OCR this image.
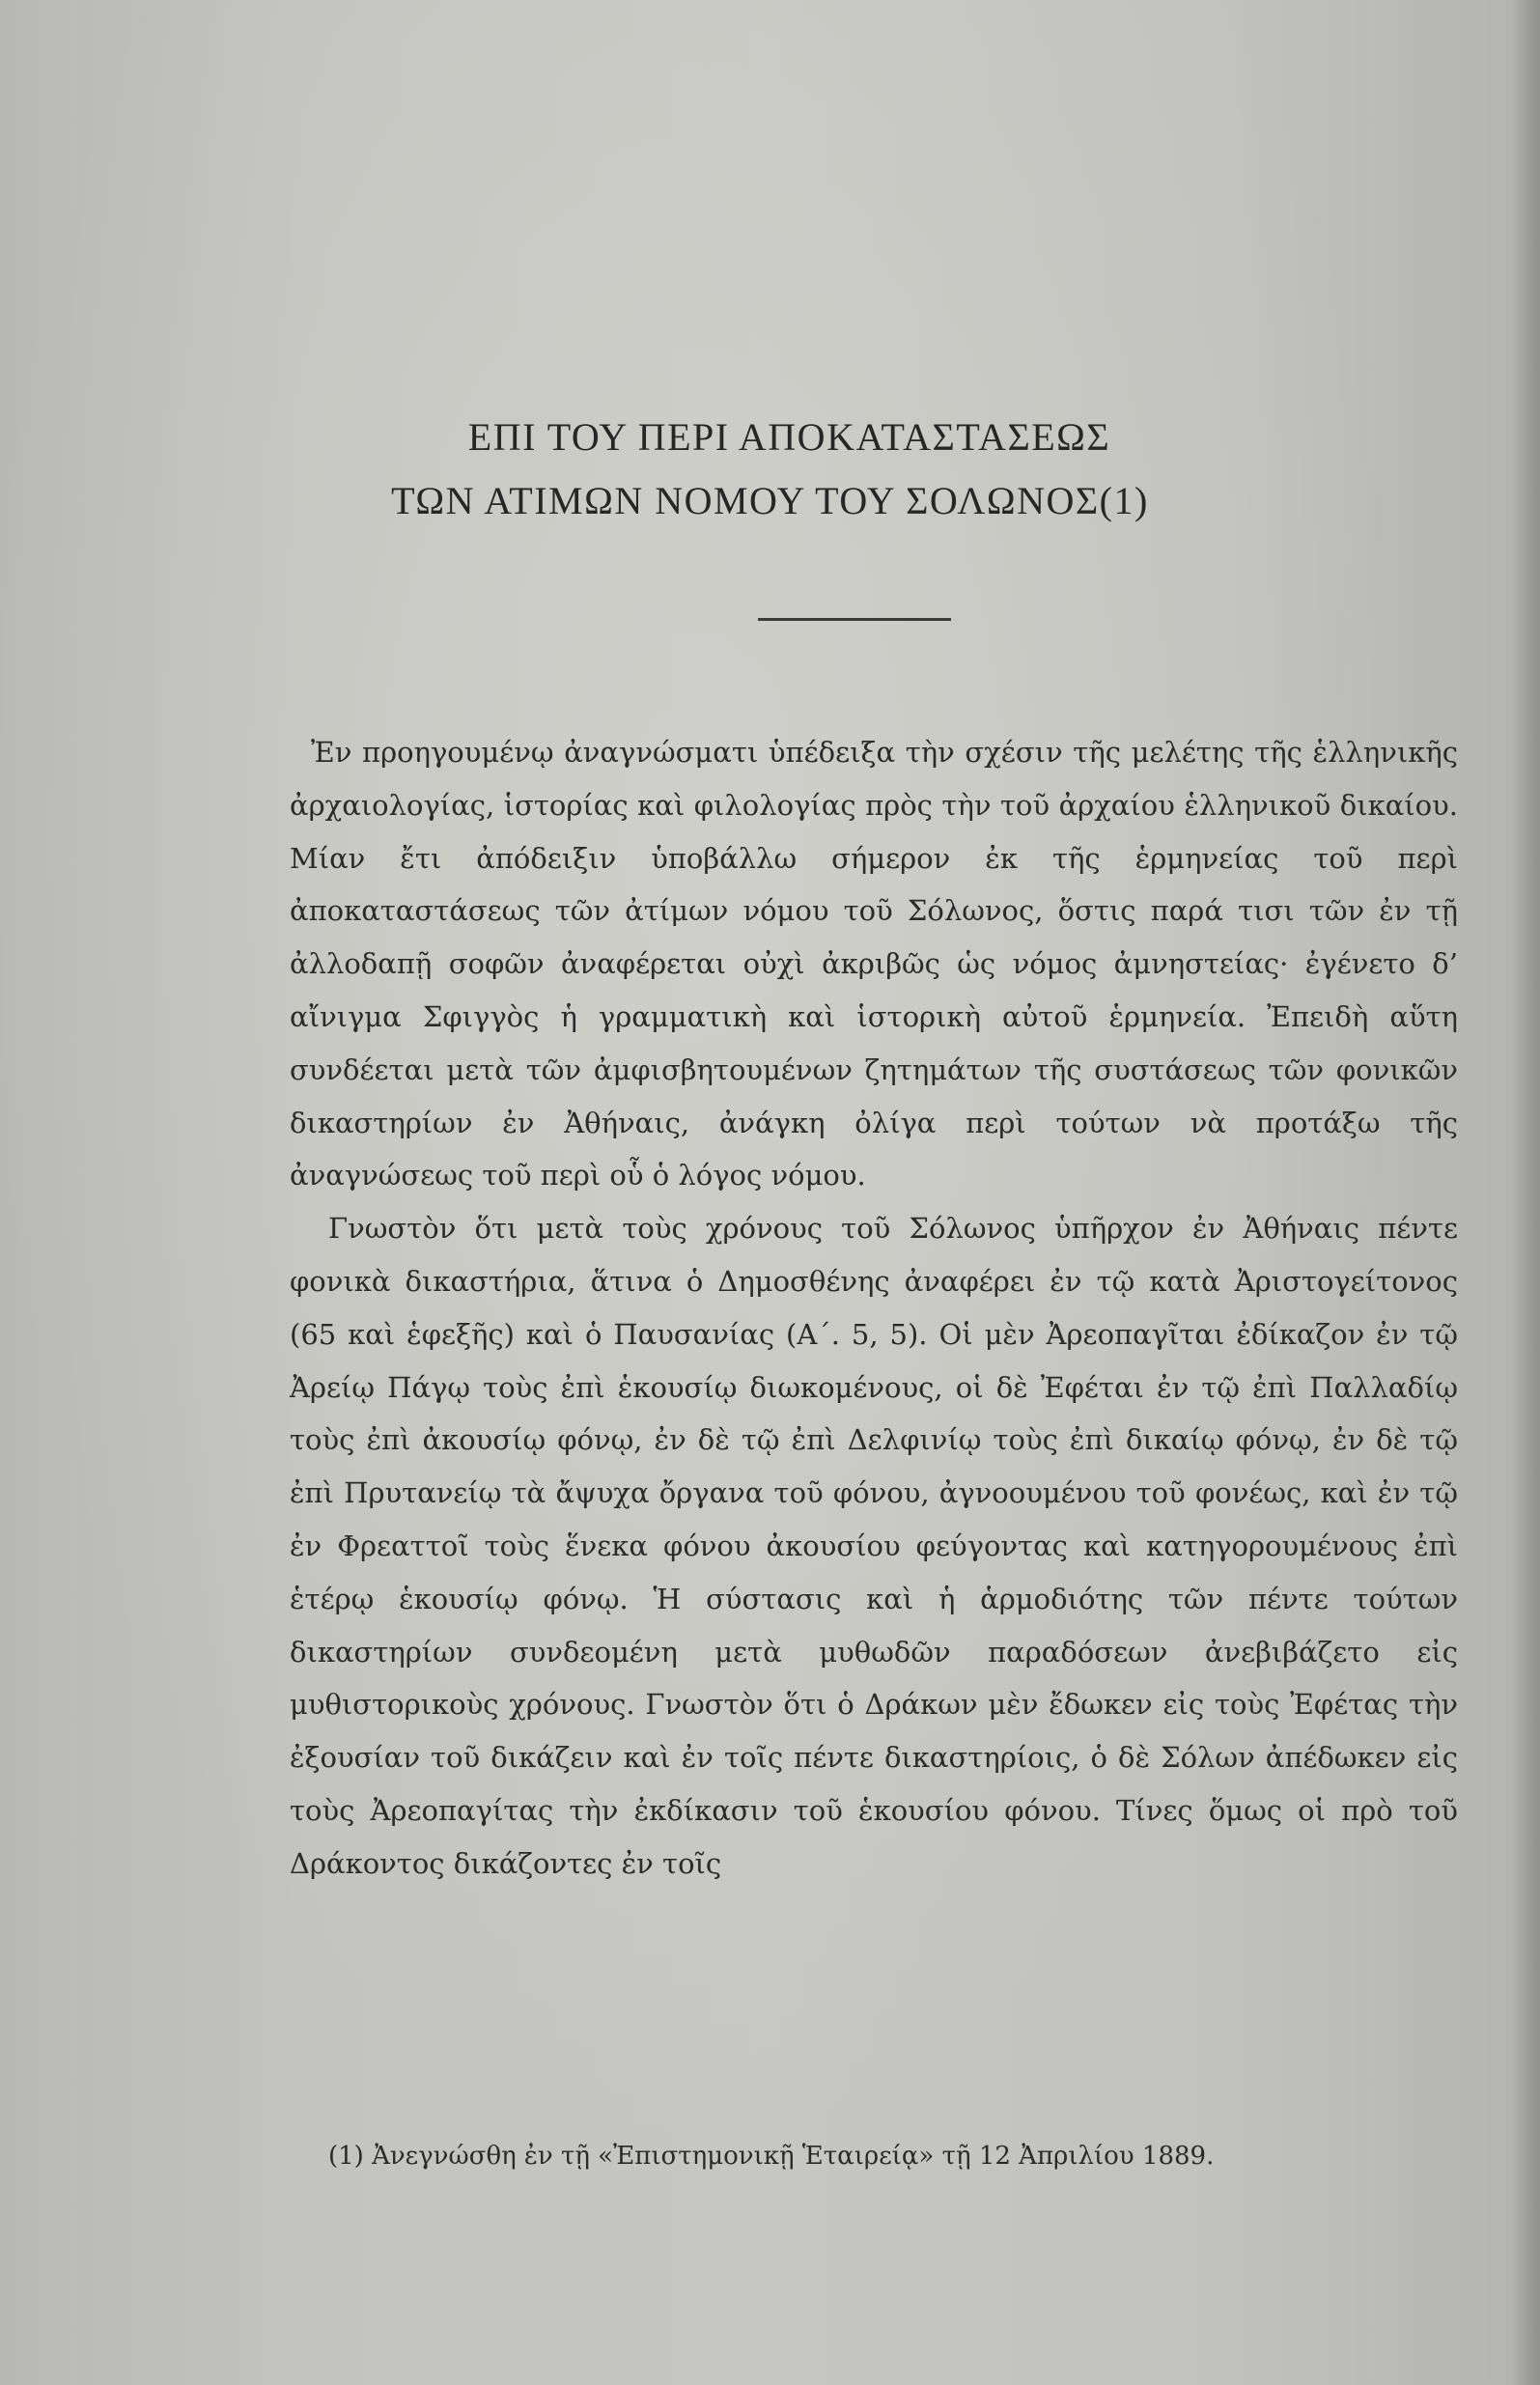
ΕΠΙ ΤΟΥ ΠΕΡΙ ΑΠΟΚΑΤΑΣΤΑΣΕΩΣ
ΤΩΝ ΑΤΙΜΩΝ ΝΟΜΟΥ ΤΟΥ ΣΟΛΩΝΟΣ(1)

Ἐν προηγουμένῳ ἀναγνώσματι ὑπέδειξα τὴν σχέσιν τῆς μελέτης τῆς ἑλληνικῆς ἀρχαιολογίας, ἱστορίας καὶ φιλολογίας πρὸς τὴν τοῦ ἀρχαίου ἑλληνικοῦ δικαίου. Μίαν ἔτι ἀπόδειξιν ὑποβάλλω σήμερον ἐκ τῆς ἑρμηνείας τοῦ περὶ ἀποκαταστάσεως τῶν ἀτίμων νόμου τοῦ Σόλωνος, ὅστις παρά τισι τῶν ἐν τῇ ἀλλοδαπῇ σοφῶν ἀναφέρεται οὐχὶ ἀκριβῶς ὡς νόμος ἀμνηστείας· ἐγένετο δ’ αἴνιγμα Σφιγγὸς ἡ γραμματικὴ καὶ ἱστορικὴ αὐτοῦ ἑρμηνεία. Ἐπειδὴ αὕτη συνδέεται μετὰ τῶν ἀμφισβητουμένων ζητημάτων τῆς συστάσεως τῶν φονικῶν δικαστηρίων ἐν Ἀθήναις, ἀνάγκη ὀλίγα περὶ τούτων νὰ προτάξω τῆς ἀναγνώσεως τοῦ περὶ οὗ ὁ λόγος νόμου.

Γνωστὸν ὅτι μετὰ τοὺς χρόνους τοῦ Σόλωνος ὑπῆρχον ἐν Ἀθήναις πέντε φονικὰ δικαστήρια, ἅτινα ὁ Δημοσθένης ἀναφέρει ἐν τῷ κατὰ Ἀριστογείτονος (65 καὶ ἑφεξῆς) καὶ ὁ Παυσανίας (Α΄. 5, 5). Οἱ μὲν Ἀρεοπαγῖται ἐδίκαζον ἐν τῷ Ἀρείῳ Πάγῳ τοὺς ἐπὶ ἑκουσίῳ διωκομένους, οἱ δὲ Ἐφέται ἐν τῷ ἐπὶ Παλλαδίῳ τοὺς ἐπὶ ἀκουσίῳ φόνῳ, ἐν δὲ τῷ ἐπὶ Δελφινίῳ τοὺς ἐπὶ δικαίῳ φόνῳ, ἐν δὲ τῷ ἐπὶ Πρυτανείῳ τὰ ἄψυχα ὄργανα τοῦ φόνου, ἀγνοουμένου τοῦ φονέως, καὶ ἐν τῷ ἐν Φρεαττοῖ τοὺς ἕνεκα φόνου ἀκουσίου φεύγοντας καὶ κατηγορουμένους ἐπὶ ἑτέρῳ ἑκουσίῳ φόνῳ. Ἡ σύστασις καὶ ἡ ἁρμοδιότης τῶν πέντε τούτων δικαστηρίων συνδεομένη μετὰ μυθωδῶν παραδόσεων ἀνεβιβάζετο εἰς μυθιστορικοὺς χρόνους. Γνωστὸν ὅτι ὁ Δράκων μὲν ἔδωκεν εἰς τοὺς Ἐφέτας τὴν ἐξουσίαν τοῦ δικάζειν καὶ ἐν τοῖς πέντε δικαστηρίοις, ὁ δὲ Σόλων ἀπέδωκεν εἰς τοὺς Ἀρεοπαγίτας τὴν ἐκδίκασιν τοῦ ἑκουσίου φόνου. Τίνες ὅμως οἱ πρὸ τοῦ Δράκοντος δικάζοντες ἐν τοῖς

(1) Ἀνεγνώσθη ἐν τῇ «Ἐπιστημονικῇ Ἑταιρείᾳ» τῇ 12 Ἀπριλίου 1889.
